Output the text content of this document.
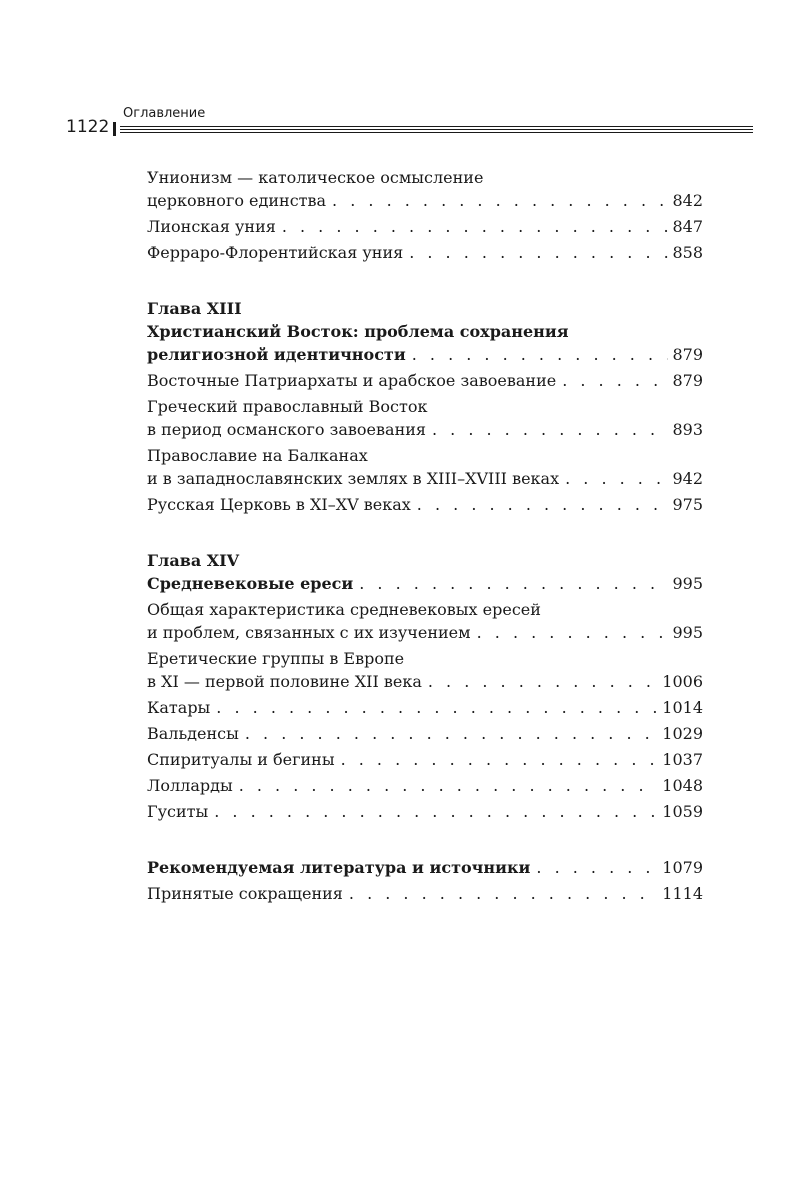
1122
Оглавление
Унионизм — католическое осмысление
церковного единства . . .	842
Лионская уния . . .	847
Ферраро-Флорентийская уния . . .	858
Глава XIII
Христианский Восток: проблема сохранения
религиозной идентичности . . .	879
Восточные Патриархаты и арабское завоевание . . .	879
Греческий православный Восток
в период османского завоевания . . .	893
Православие на Балканах
и в западнославянских землях в XIII–XVIII веках . . .	942
Русская Церковь в XI–XV веках . . .	975
Глава XIV
Средневековые ереси . . .	995
Общая характеристика средневековых ересей
и проблем, связанных с их изучением . . .	995
Еретические группы в Европе
в XI — первой половине XII века . . .	1006
Катары . . .	1014
Вальденсы . . .	1029
Спиритуалы и бегины . . .	1037
Лолларды . . .	1048
Гуситы . . .	1059
Рекомендуемая литература и источники . . .	1079
Принятые сокращения . . .	1114
